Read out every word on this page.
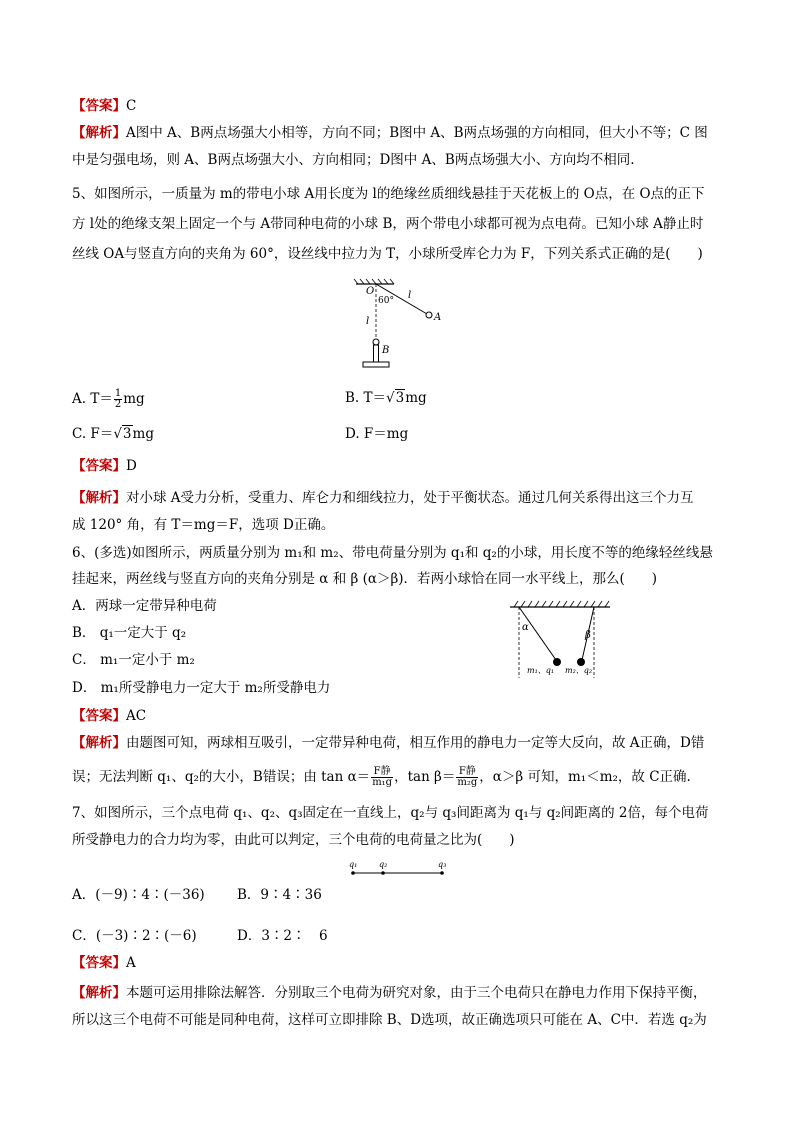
【答案】C
【解析】A图中 A、B两点场强大小相等，方向不同；B图中 A、B两点场强的方向相同，但大小不等；C 图
中是匀强电场，则 A、B两点场强大小、方向相同；D图中 A、B两点场强大小、方向均不相同.
5、如图所示，一质量为 m的带电小球 A用长度为 l的绝缘丝质细线悬挂于天花板上的 O点，在 O点的正下
方 l处的绝缘支架上固定一个与 A带同种电荷的小球 B，两个带电小球都可视为点电荷。已知小球 A静止时
丝线 OA与竖直方向的夹角为 60°，设丝线中拉力为 T，小球所受库仑力为 F，下列关系式正确的是(　　)
O
60° l
l	A
B
A. $T= \frac{1}{2}$ mg	B. T＝√3mg
C. F＝√3mg	D. F＝mg
【答案】D
【解析】对小球 A受力分析，受重力、库仑力和细线拉力，处于平衡状态。通过几何关系得出这三个力互
成 120° 角，有 T＝mg＝F，选项 D正确。
6、(多选)如图所示，两质量分别为 m₁和 m₂、带电荷量分别为 q₁和 q₂的小球，用长度不等的绝缘轻丝线悬
挂起来，两丝线与竖直方向的夹角分别是 α 和 β (α＞β)．若两小球恰在同一水平线上，那么(　　)
A．两球一定带异种电荷
B． q₁一定大于 q₂
C． m₁一定小于 m₂
D． m₁所受静电力一定大于 m₂所受静电力
α
β
m₁、q₁ m₂、q₂
【答案】AC
【解析】由题图可知，两球相互吸引，一定带异种电荷，相互作用的静电力一定等大反向，故 A正确，D错
误；无法判断 q₁、q₂的大小，B错误；由 $\tan \alpha= \frac{\text{F静}}{\text{m₁g}}$ ，$\tan \beta= \frac{\text{F静}}{\text{m₂g}}$ ，α＞β 可知，m₁＜m₂，故 C正确.
7、如图所示，三个点电荷 q₁、q₂、q₃固定在一直线上，q₂与 q₃间距离为 q₁与 q₂间距离的 2倍，每个电荷
所受静电力的合力均为零，由此可以判定，三个电荷的电荷量之比为(　　)
q₁	q₂	q₃
A．(－9)∶4∶(－36) B．9∶4∶36
C．(－3)∶2∶(－6)	D．3∶2∶　6
【答案】A
【解析】本题可运用排除法解答．分别取三个电荷为研究对象，由于三个电荷只在静电力作用下保持平衡，
所以这三个电荷不可能是同种电荷，这样可立即排除 B、D选项，故正确选项只可能在 A、C中．若选 q₂为
